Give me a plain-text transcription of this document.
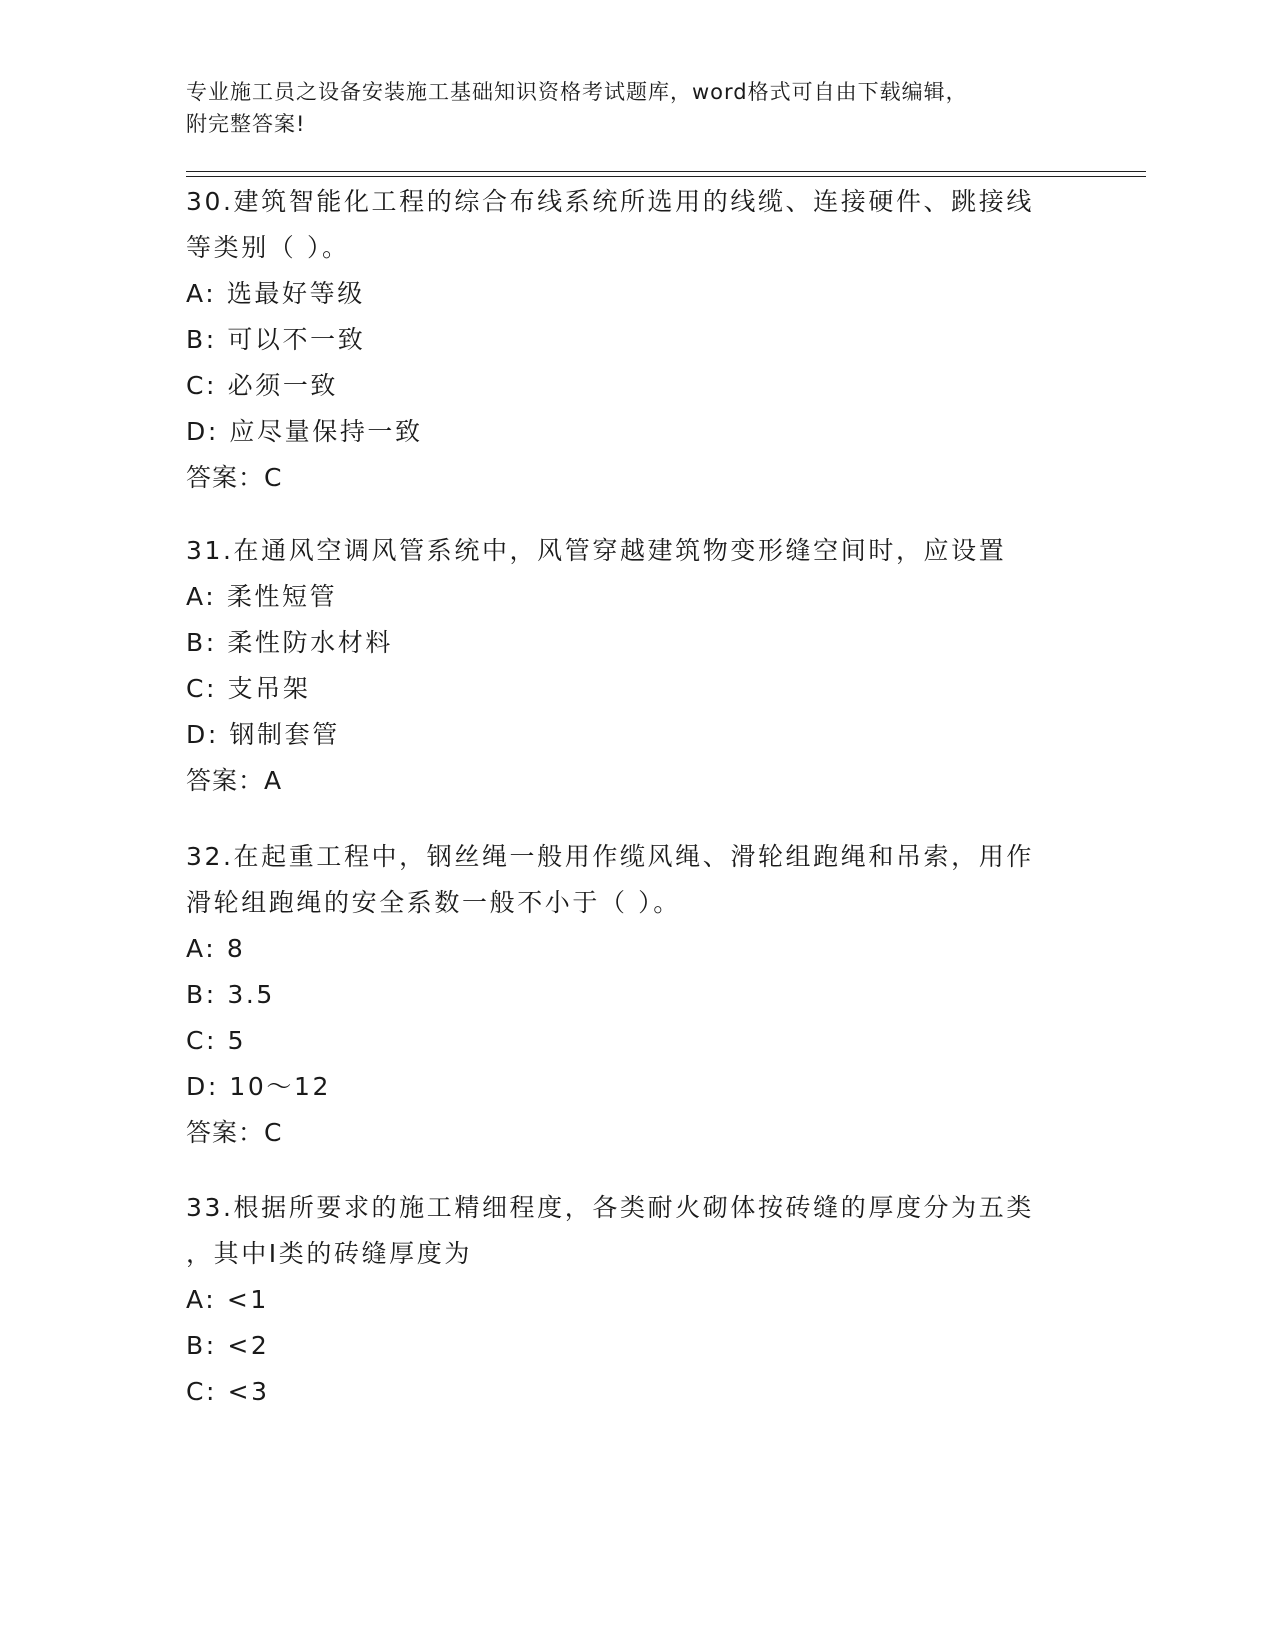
专业施工员之设备安装施工基础知识资格考试题库，word格式可自由下载编辑，
附完整答案!
30.建筑智能化工程的综合布线系统所选用的线缆、连接硬件、跳接线
等类别（ ）。
A: 选最好等级
B: 可以不一致
C: 必须一致
D: 应尽量保持一致
答案：C
31.在通风空调风管系统中，风管穿越建筑物变形缝空间时，应设置
A: 柔性短管
B: 柔性防水材料
C: 支吊架
D: 钢制套管
答案：A
32.在起重工程中，钢丝绳一般用作缆风绳、滑轮组跑绳和吊索，用作
滑轮组跑绳的安全系数一般不小于（ ）。
A: 8
B: 3.5
C: 5
D: 10～12
答案：C
33.根据所要求的施工精细程度，各类耐火砌体按砖缝的厚度分为五类
，其中Ⅰ类的砖缝厚度为
A: <1
B: <2
C: <3
